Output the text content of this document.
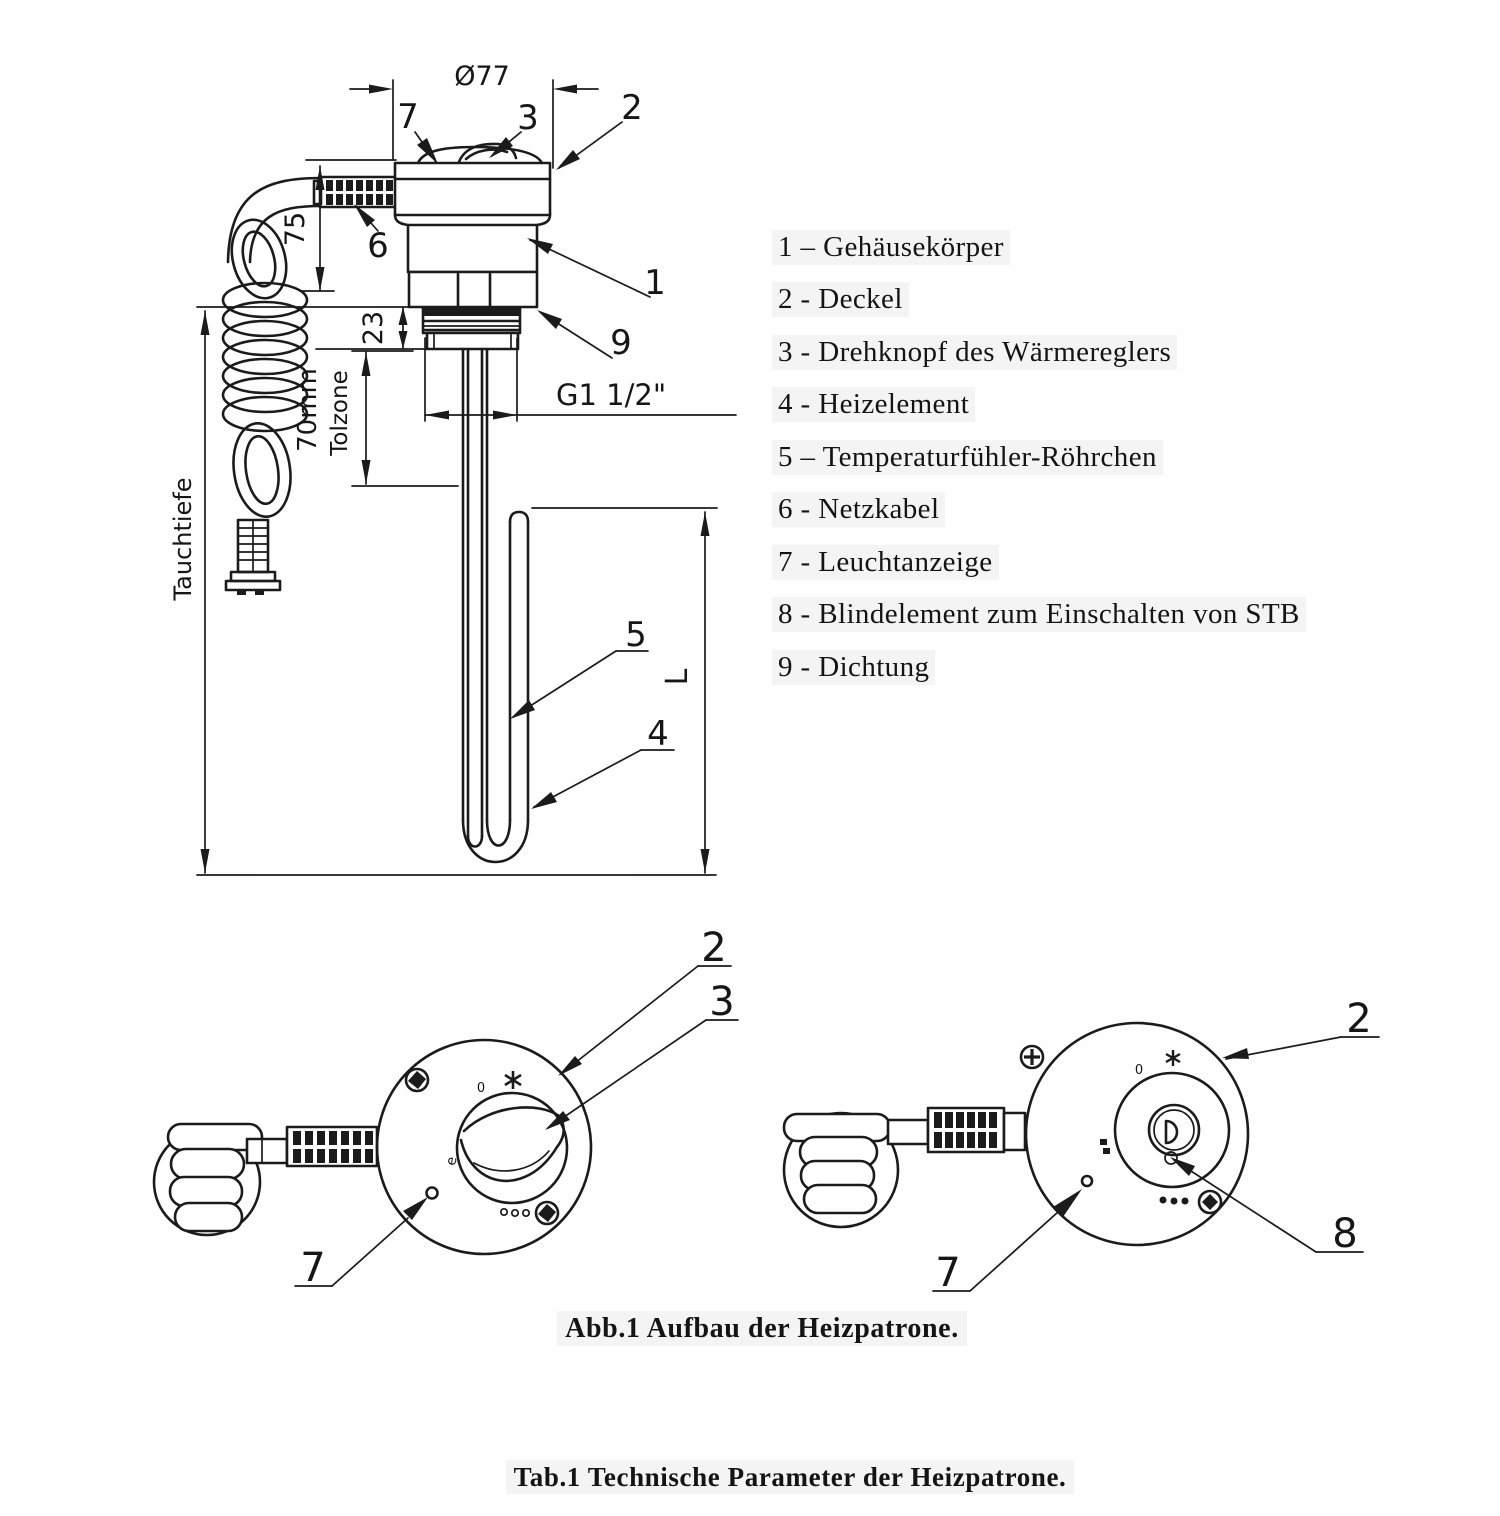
Ø77
75
Tauchtiefe
23
70mm Tolzone	G1 1/2"
L
7	3 2
6
1
9
5
4
0
e
2
3
7
0
2
8
7
1 – Gehäusekörper
2 - Deckel
3 - Drehknopf des Wärmereglers
4 - Heizelement
5 – Temperaturfühler-Röhrchen
6 - Netzkabel
7 - Leuchtanzeige
8 - Blindelement zum Einschalten von STB
9 - Dichtung
Abb.1 Aufbau der Heizpatrone.
Tab.1 Technische Parameter der Heizpatrone.
